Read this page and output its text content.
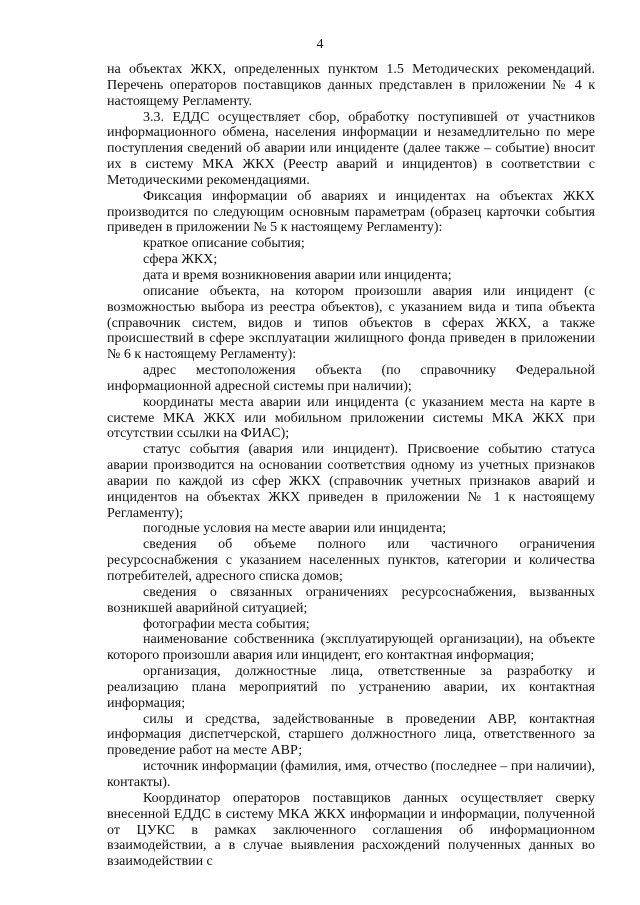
4

на объектах ЖКХ, определенных пунктом 1.5 Методических рекомендаций. Перечень операторов поставщиков данных представлен в приложении № 4 к настоящему Регламенту.

3.3. ЕДДС осуществляет сбор, обработку поступившей от участников информационного обмена, населения информации и незамедлительно по мере поступления сведений об аварии или инциденте (далее также – событие) вносит их в систему МКА ЖКХ (Реестр аварий и инцидентов) в соответствии с Методическими рекомендациями.

Фиксация информации об авариях и инцидентах на объектах ЖКХ производится по следующим основным параметрам (образец карточки события приведен в приложении № 5 к настоящему Регламенту):

краткое описание события;

сфера ЖКХ;

дата и время возникновения аварии или инцидента;

описание объекта, на котором произошли авария или инцидент (с возможностью выбора из реестра объектов), с указанием вида и типа объекта (справочник систем, видов и типов объектов в сферах ЖКХ, а также происшествий в сфере эксплуатации жилищного фонда приведен в приложении № 6 к настоящему Регламенту):

адрес местоположения объекта (по справочнику Федеральной информационной адресной системы при наличии);

координаты места аварии или инцидента (с указанием места на карте в системе МКА ЖКХ или мобильном приложении системы МКА ЖКХ при отсутствии ссылки на ФИАС);

статус события (авария или инцидент). Присвоение событию статуса аварии производится на основании соответствия одному из учетных признаков аварии по каждой из сфер ЖКХ (справочник учетных признаков аварий и инцидентов на объектах ЖКХ приведен в приложении № 1 к настоящему Регламенту);

погодные условия на месте аварии или инцидента;

сведения об объеме полного или частичного ограничения ресурсоснабжения с указанием населенных пунктов, категории и количества потребителей, адресного списка домов;

сведения о связанных ограничениях ресурсоснабжения, вызванных возникшей аварийной ситуацией;

фотографии места события;

наименование собственника (эксплуатирующей организации), на объекте которого произошли авария или инцидент, его контактная информация;

организация, должностные лица, ответственные за разработку и реализацию плана мероприятий по устранению аварии, их контактная информация;

силы и средства, задействованные в проведении АВР, контактная информация диспетчерской, старшего должностного лица, ответственного за проведение работ на месте АВР;

источник информации (фамилия, имя, отчество (последнее – при наличии), контакты).

Координатор операторов поставщиков данных осуществляет сверку внесенной ЕДДС в систему МКА ЖКХ информации и информации, полученной от ЦУКС в рамках заключенного соглашения об информационном взаимодействии, а в случае выявления расхождений полученных данных во взаимодействии с
